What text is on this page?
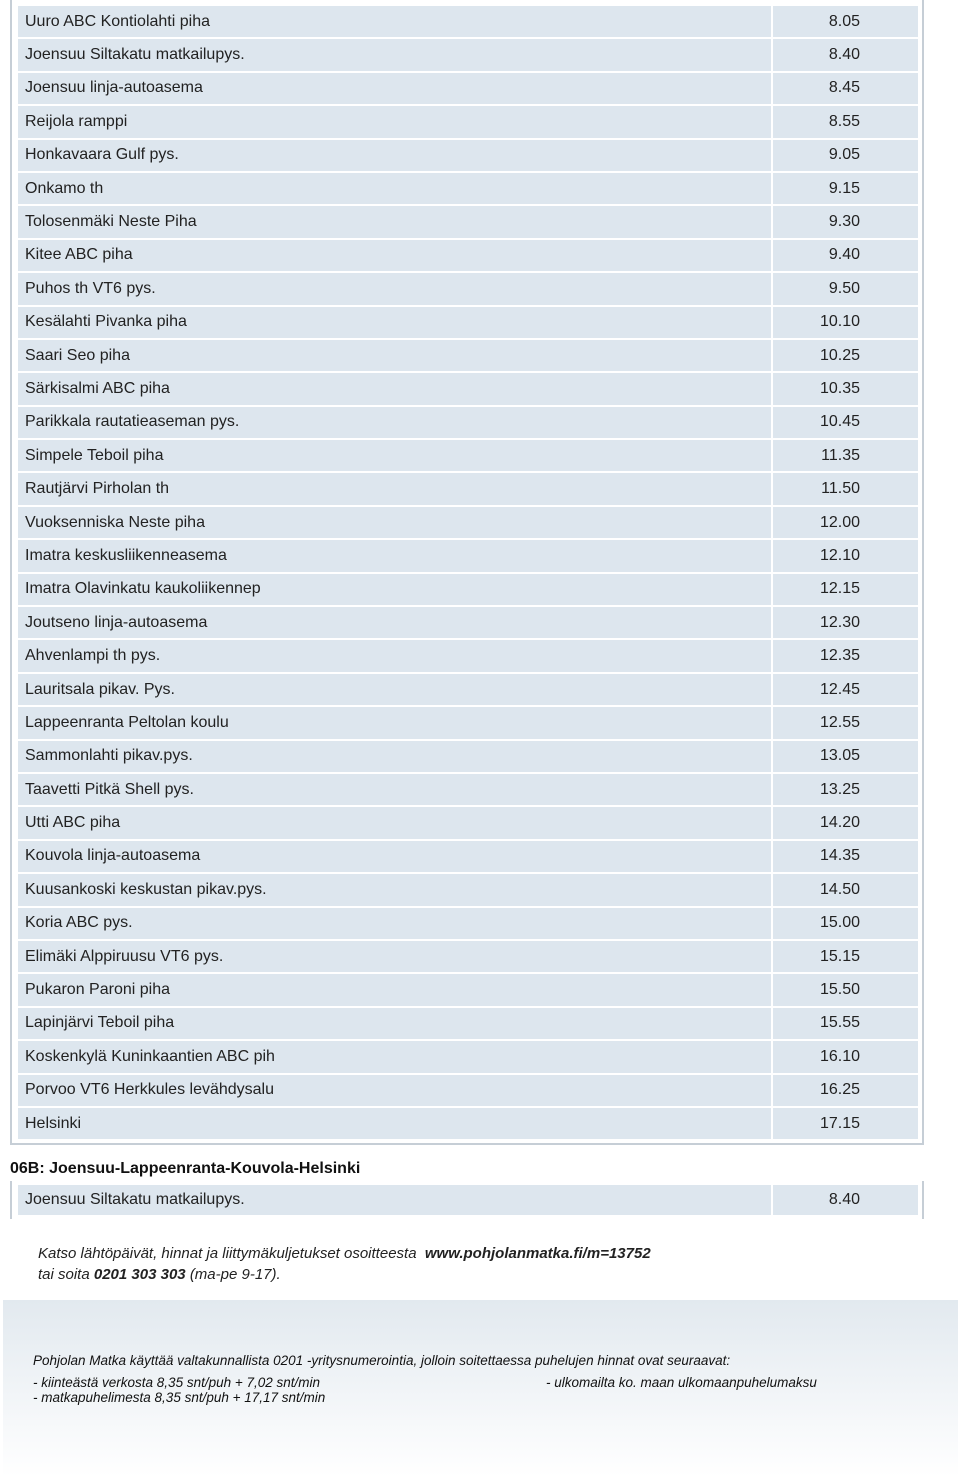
Uuro ABC Kontiolahti piha	8.05
Joensuu Siltakatu matkailupys.	8.40
Joensuu linja-autoasema	8.45
Reijola ramppi	8.55
Honkavaara Gulf pys.	9.05
Onkamo th	9.15
Tolosenmäki Neste Piha	9.30
Kitee ABC piha	9.40
Puhos th VT6 pys.	9.50
Kesälahti Pivanka piha	10.10
Saari Seo piha	10.25
Särkisalmi ABC piha	10.35
Parikkala rautatieaseman pys.	10.45
Simpele Teboil piha	11.35
Rautjärvi Pirholan th	11.50
Vuoksenniska Neste piha	12.00
Imatra keskusliikenneasema	12.10
Imatra Olavinkatu kaukoliikennep	12.15
Joutseno linja-autoasema	12.30
Ahvenlampi th pys.	12.35
Lauritsala pikav. Pys.	12.45
Lappeenranta Peltolan koulu	12.55
Sammonlahti pikav.pys.	13.05
Taavetti Pitkä Shell pys.	13.25
Utti ABC piha	14.20
Kouvola linja-autoasema	14.35
Kuusankoski keskustan pikav.pys.	14.50
Koria ABC pys.	15.00
Elimäki Alppiruusu VT6 pys.	15.15
Pukaron Paroni piha	15.50
Lapinjärvi Teboil piha	15.55
Koskenkylä Kuninkaantien ABC pih	16.10
Porvoo VT6 Herkkules levähdysalu	16.25
Helsinki	17.15
06B: Joensuu-Lappeenranta-Kouvola-Helsinki
Joensuu Siltakatu matkailupys.	8.40
Katso lähtöpäivät, hinnat ja liittymäkuljetukset osoitteesta www.pohjolanmatka.fi/m=13752
tai soita 0201 303 303 (ma-pe 9-17).
Pohjolan Matka käyttää valtakunnallista 0201 -yritysnumerointia, jolloin soitettaessa puhelujen hinnat ovat seuraavat:
- kiinteästä verkosta 8,35 snt/puh + 7,02 snt/min	- ulkomailta ko. maan ulkomaanpuhelumaksu
- matkapuhelimesta 8,35 snt/puh + 17,17 snt/min
